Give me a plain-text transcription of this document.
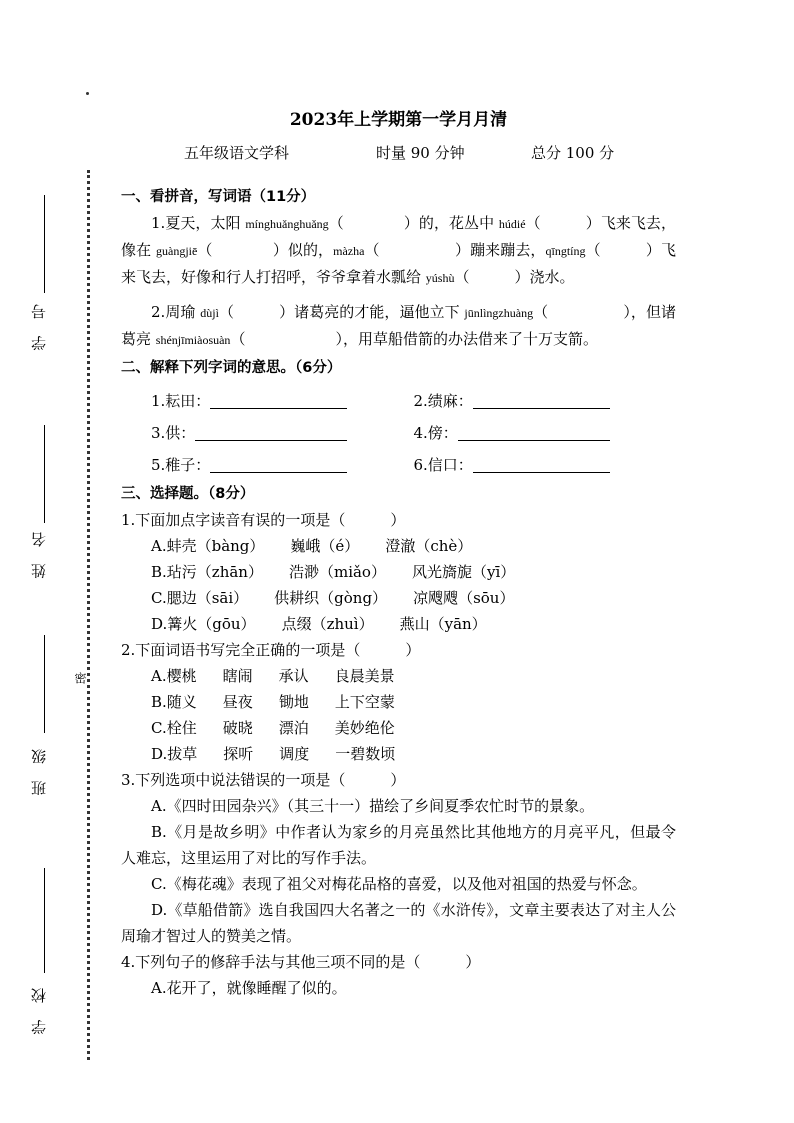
学 号
姓 名
班 级
学 校
密
2023年上学期第一学月月清
五年级语文学科	时量 90 分钟	总分 100 分
一、看拼音，写词语（11分）
1.夏天，太阳 mínghuǎnghuǎng（　　　　）的，花丛中 húdié（　　　）飞来飞去，像在 guàngjiē（　　　　）似的，màzha（　　　　　）蹦来蹦去，qīngtíng（　　　）飞来飞去，好像和行人打招呼，爷爷拿着水瓢给 yúshù（　　　）浇水。
2.周瑜 dùjì（　　　）诸葛亮的才能，逼他立下 jūnlìngzhuàng（　　　　　），但诸葛亮 shénjīmiàosuàn（　　　　　　），用草船借箭的办法借来了十万支箭。
二、解释下列字词的意思。（6分）
1.耘田：	2.绩麻：
3.供：	4.傍：
5.稚子：	6.信口：
三、选择题。（8分）
1.下面加点字读音有误的一项是（　　　）
A.蚌壳（bàng） 巍峨（é） 澄澈（chè）
B.玷污（zhān） 浩渺（miǎo） 风光旖旎（yī）
C.腮边（sāi） 供耕织（gòng） 凉飕飕（sōu）
D.篝火（gōu） 点缀（zhuì） 燕山（yān）
2.下面词语书写完全正确的一项是（　　　）
A.樱桃 瞎闹 承认 良晨美景
B.随义 昼夜 锄地 上下空蒙
C.栓住 破晓 漂泊 美妙绝伦
D.拔草 探听 调度 一碧数顷
3.下列选项中说法错误的一项是（　　　）
A.《四时田园杂兴》（其三十一）描绘了乡间夏季农忙时节的景象。
B.《月是故乡明》中作者认为家乡的月亮虽然比其他地方的月亮平凡，但最令人难忘，这里运用了对比的写作手法。
C.《梅花魂》表现了祖父对梅花品格的喜爱，以及他对祖国的热爱与怀念。
D.《草船借箭》选自我国四大名著之一的《水浒传》，文章主要表达了对主人公周瑜才智过人的赞美之情。
4.下列句子的修辞手法与其他三项不同的是（　　　）
A.花开了，就像睡醒了似的。
